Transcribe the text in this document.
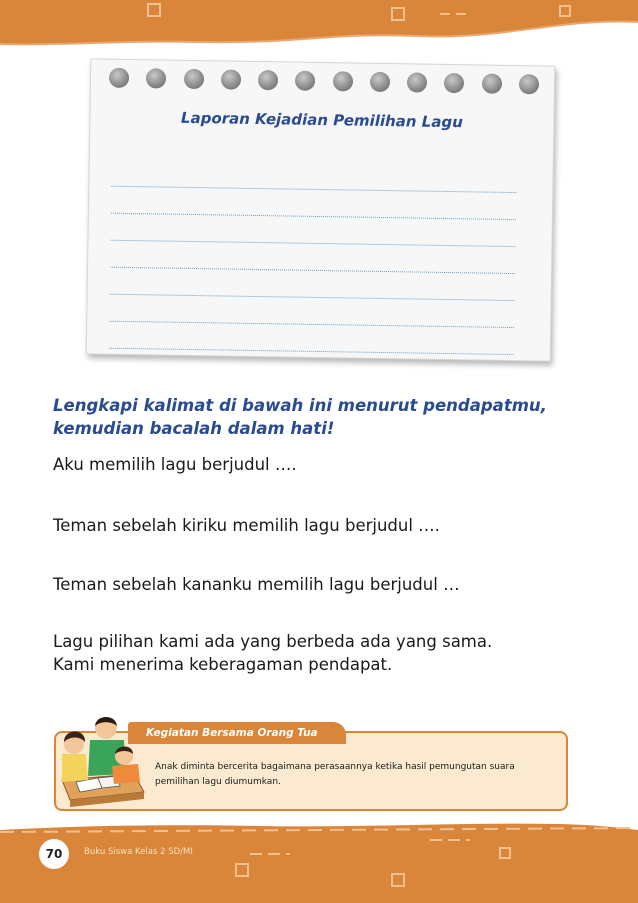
Laporan Kejadian Pemilihan Lagu
Lengkapi kalimat di bawah ini menurut pendapatmu,
kemudian bacalah dalam hati!
Aku memilih lagu berjudul ….
Teman sebelah kiriku memilih lagu berjudul ….
Teman sebelah kananku memilih lagu berjudul …
Lagu pilihan kami ada yang berbeda ada yang sama.
Kami menerima keberagaman pendapat.
Kegiatan Bersama Orang Tua
Anak diminta bercerita bagaimana perasaannya ketika hasil pemungutan suara
pemilihan lagu diumumkan.
70	Buku Siswa Kelas 2 SD/MI
